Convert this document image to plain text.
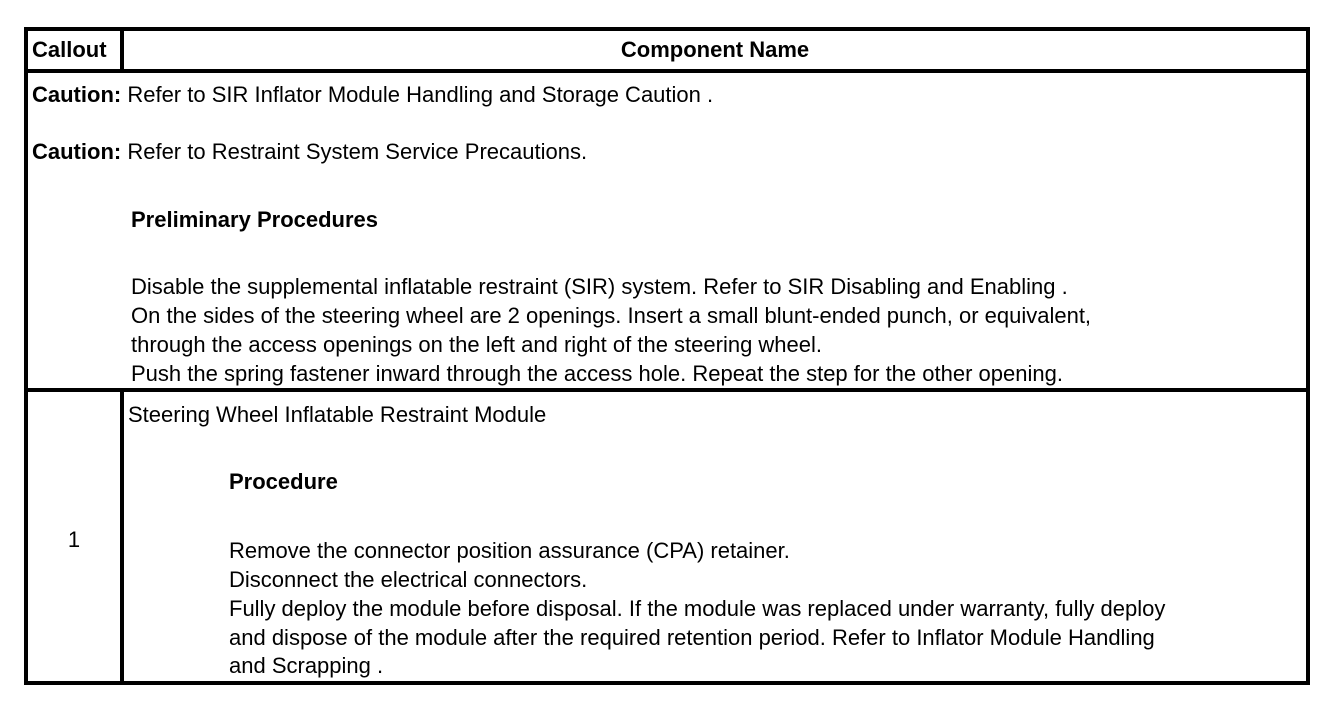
Callout	Component Name
Caution: Refer to SIR Inflator Module Handling and Storage Caution .
Caution: Refer to Restraint System Service Precautions.
Preliminary Procedures
Disable the supplemental inflatable restraint (SIR) system. Refer to SIR Disabling and Enabling .
On the sides of the steering wheel are 2 openings. Insert a small blunt-ended punch, or equivalent,
through the access openings on the left and right of the steering wheel.
Push the spring fastener inward through the access hole. Repeat the step for the other opening.
1
Steering Wheel Inflatable Restraint Module
Procedure
Remove the connector position assurance (CPA) retainer.
Disconnect the electrical connectors.
Fully deploy the module before disposal. If the module was replaced under warranty, fully deploy
and dispose of the module after the required retention period. Refer to Inflator Module Handling
and Scrapping .
